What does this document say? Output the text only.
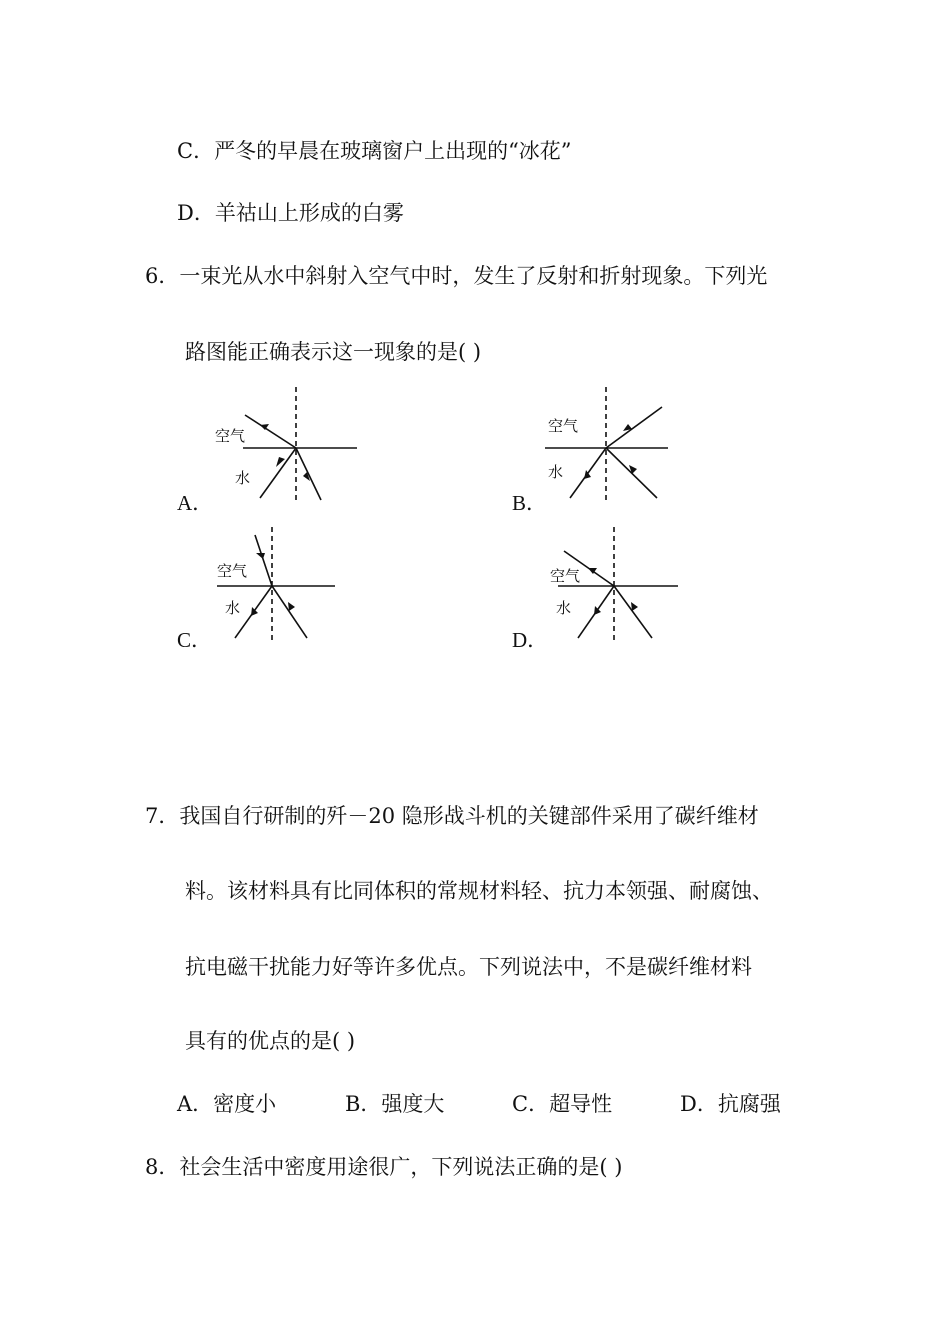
C．严冬的早晨在玻璃窗户上出现的“冰花”
D．羊祜山上形成的白雾
6．一束光从水中斜射入空气中时，发生了反射和折射现象。下列光
路图能正确表示这一现象的是( )
A．
空气
水
B．
空气
水
C．
空气
水
D．
空气
水
7．我国自行研制的歼－20 隐形战斗机的关键部件采用了碳纤维材
料。该材料具有比同体积的常规材料轻、抗力本领强、耐腐蚀、
抗电磁干扰能力好等许多优点。下列说法中，不是碳纤维材料
具有的优点的是( )
A．密度小	B．强度大	C．超导性	D．抗腐强
8．社会生活中密度用途很广，下列说法正确的是( )
